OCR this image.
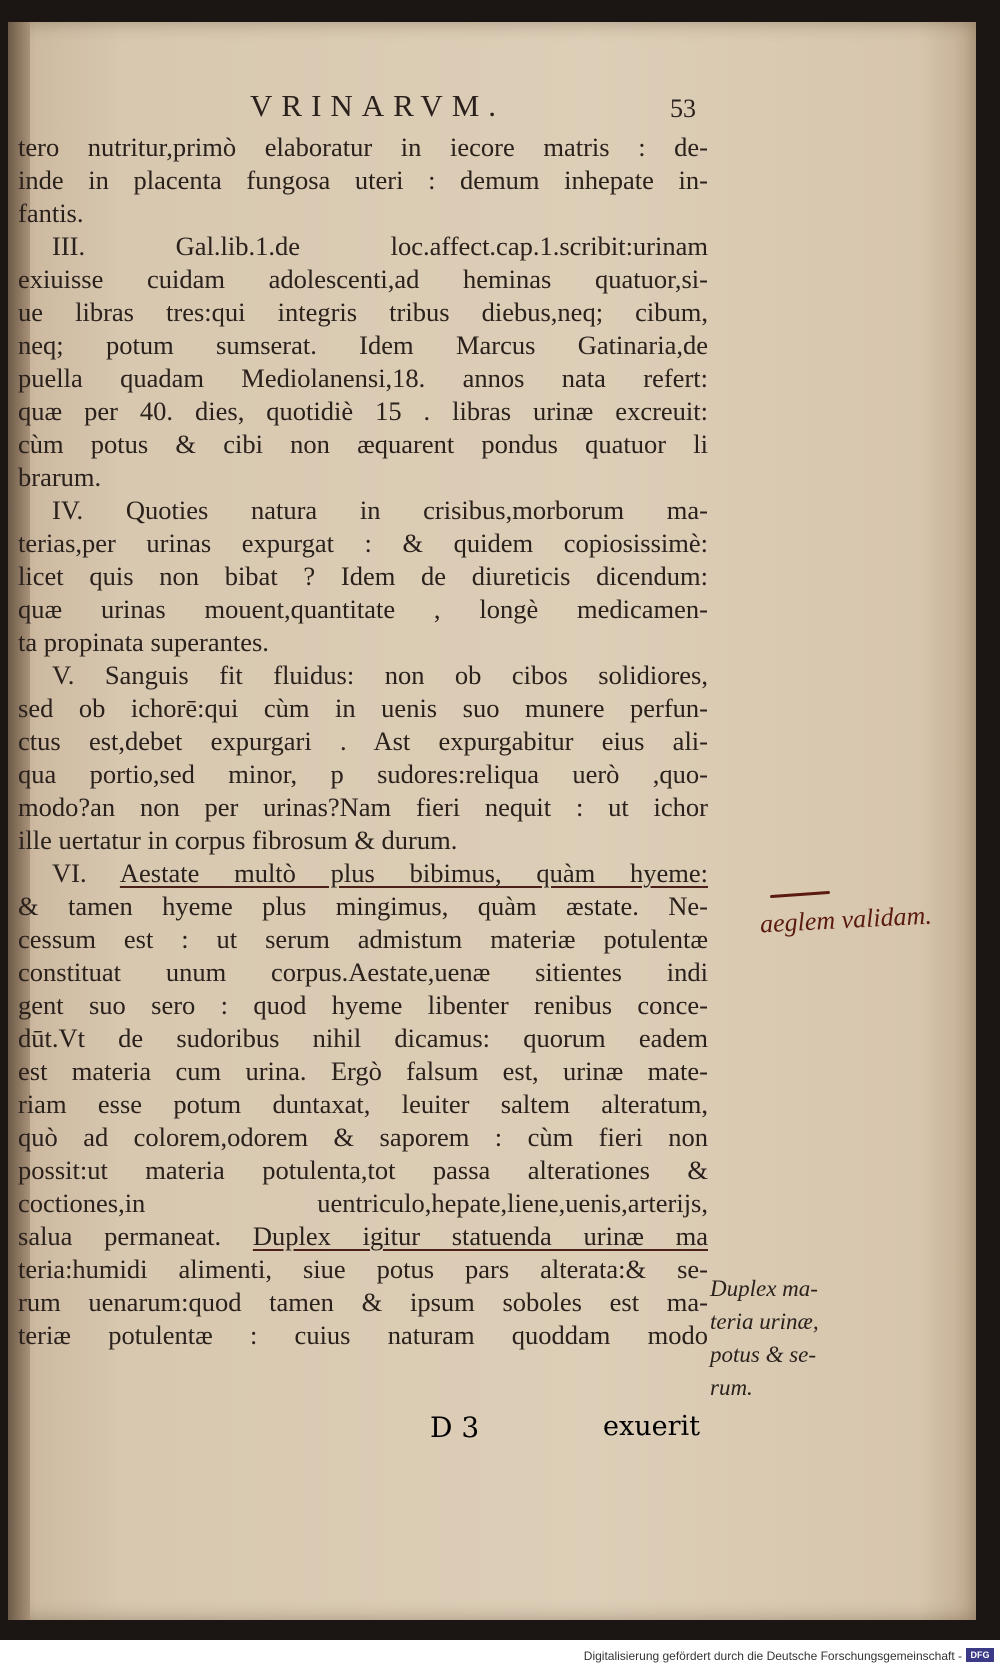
VRINARVM.	53
tero nutritur,primò elaboratur in iecore matris : de-
inde in placenta fungosa uteri : demum inhepate in-
fantis.
III. Gal.lib.1.de loc.affect.cap.1.scribit:urinam
exiuisse cuidam adolescenti,ad heminas quatuor,si-
ue libras tres:qui integris tribus diebus,neq; cibum,
neq; potum sumserat. Idem Marcus Gatinaria,de
puella quadam Mediolanensi,18. annos nata refert:
quæ per 40. dies, quotidiè 15 . libras urinæ excreuit:
cùm potus & cibi non æquarent pondus quatuor li
brarum.
IV. Quoties natura in crisibus,morborum ma-
terias,per urinas expurgat : & quidem copiosissimè:
licet quis non bibat ? Idem de diureticis dicendum:
quæ urinas mouent,quantitate , longè medicamen-
ta propinata superantes.
V. Sanguis fit fluidus: non ob cibos solidiores,
sed ob ichorē:qui cùm in uenis suo munere perfun-
ctus est,debet expurgari . Ast expurgabitur eius ali-
qua portio,sed minor, p sudores:reliqua uerò ,quo-
modo?an non per urinas?Nam fieri nequit : ut ichor
ille uertatur in corpus fibrosum & durum.
VI. Aestate multò plus bibimus, quàm hyeme:
& tamen hyeme plus mingimus, quàm æstate. Ne-
cessum est : ut serum admistum materiæ potulentæ
constituat unum corpus.Aestate,uenæ sitientes indi
gent suo sero : quod hyeme libenter renibus conce-
dūt.Vt de sudoribus nihil dicamus: quorum eadem
est materia cum urina. Ergò falsum est, urinæ mate-
riam esse potum duntaxat, leuiter saltem alteratum,
quò ad colorem,odorem & saporem : cùm fieri non
possit:ut materia potulenta,tot passa alterationes &
coctiones,in uentriculo,hepate,liene,uenis,arterijs,
salua permaneat. Duplex igitur statuenda urinæ ma
teria:humidi alimenti, siue potus pars alterata:& se-
rum uenarum:quod tamen & ipsum soboles est ma-
teriæ potulentæ : cuius naturam quoddam modo
aeglem validam.
Duplex ma-
teria urinæ,
potus & se-
rum.
D 3	exuerit
Digitalisierung gefördert durch die Deutsche Forschungsgemeinschaft - DFG
